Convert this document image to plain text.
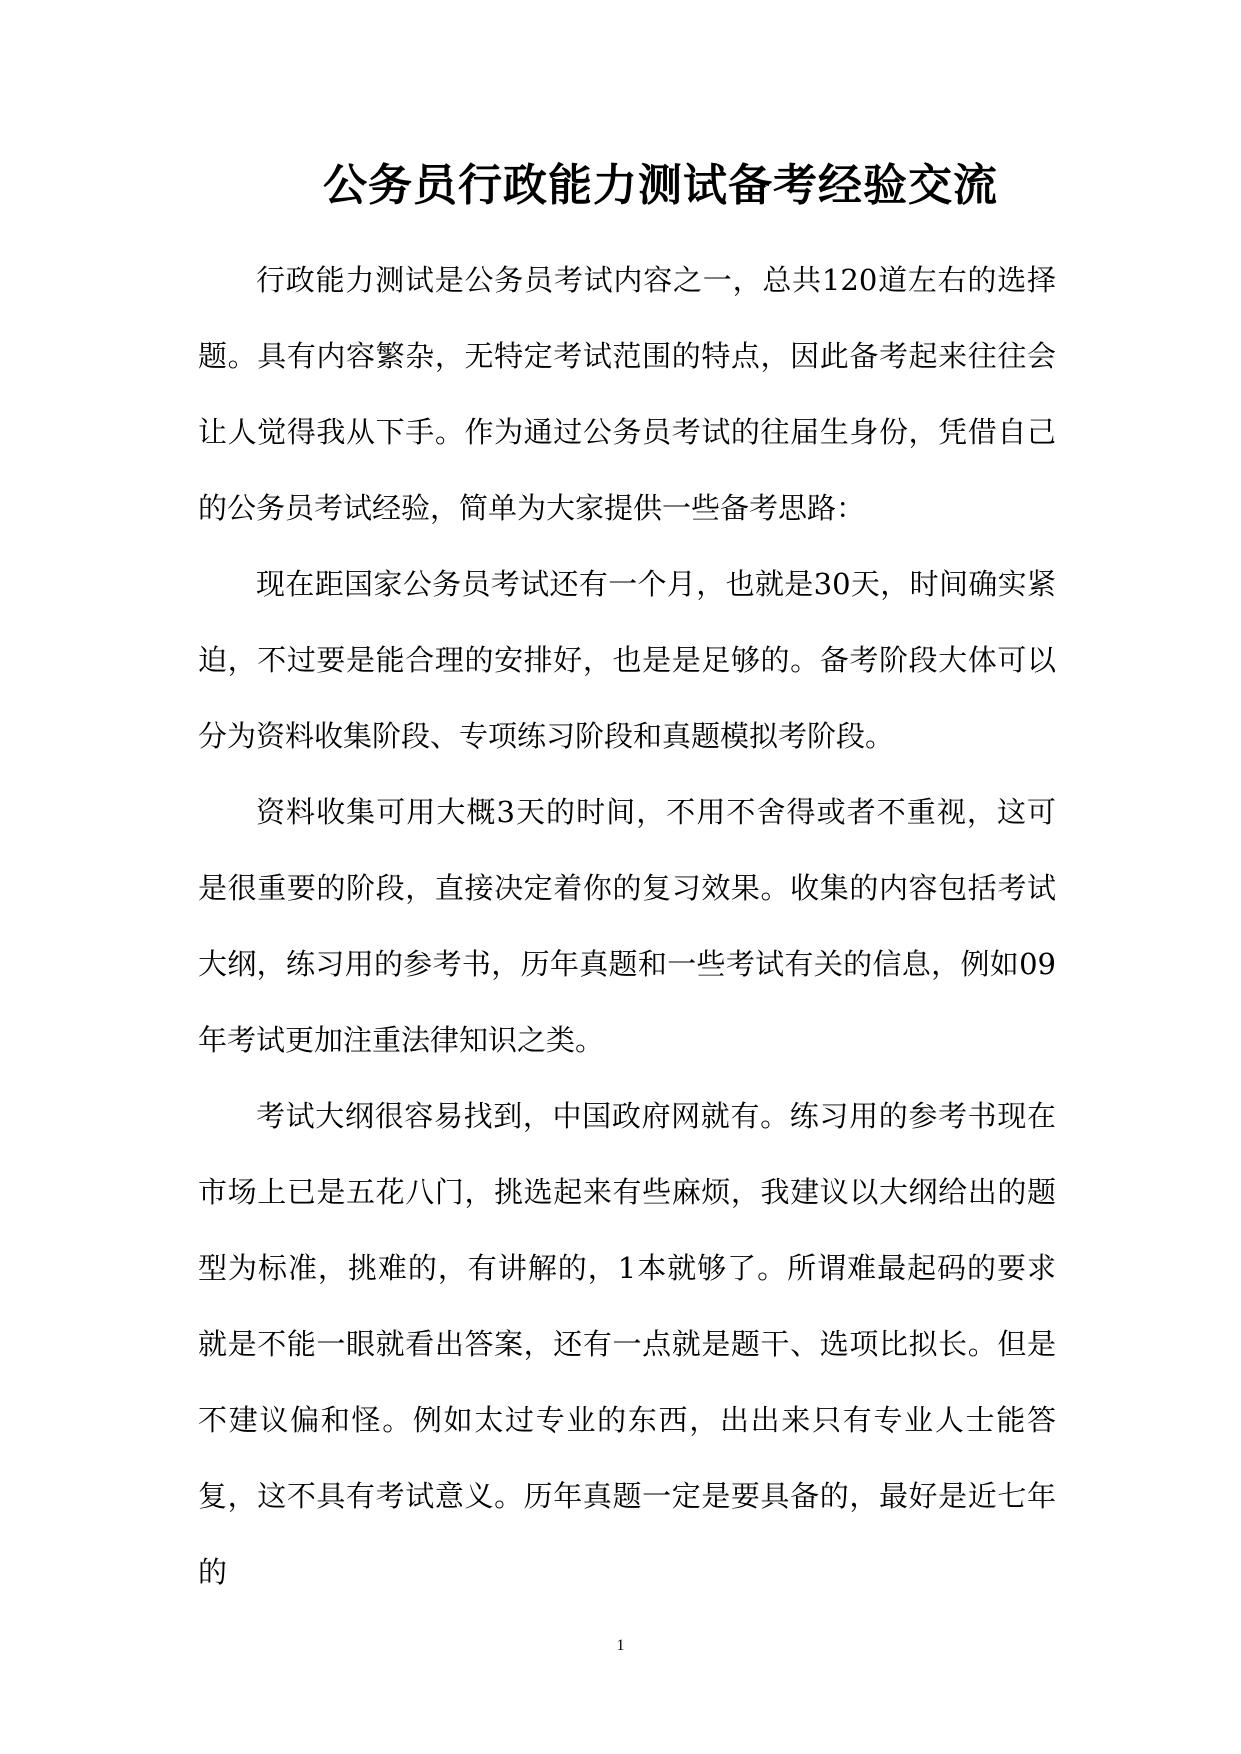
公务员行政能力测试备考经验交流

行政能力测试是公务员考试内容之一，总共120道左右的选择题。具有内容繁杂，无特定考试范围的特点，因此备考起来往往会让人觉得我从下手。作为通过公务员考试的往届生身份，凭借自己的公务员考试经验，简单为大家提供一些备考思路：

现在距国家公务员考试还有一个月，也就是30天，时间确实紧迫，不过要是能合理的安排好，也是是足够的。备考阶段大体可以分为资料收集阶段、专项练习阶段和真题模拟考阶段。

资料收集可用大概3天的时间，不用不舍得或者不重视，这可是很重要的阶段，直接决定着你的复习效果。收集的内容包括考试大纲，练习用的参考书，历年真题和一些考试有关的信息，例如09年考试更加注重法律知识之类。

考试大纲很容易找到，中国政府网就有。练习用的参考书现在市场上已是五花八门，挑选起来有些麻烦，我建议以大纲给出的题型为标准，挑难的，有讲解的，1本就够了。所谓难最起码的要求就是不能一眼就看出答案，还有一点就是题干、选项比拟长。但是不建议偏和怪。例如太过专业的东西，出出来只有专业人士能答复，这不具有考试意义。历年真题一定是要具备的，最好是近七年的

1
